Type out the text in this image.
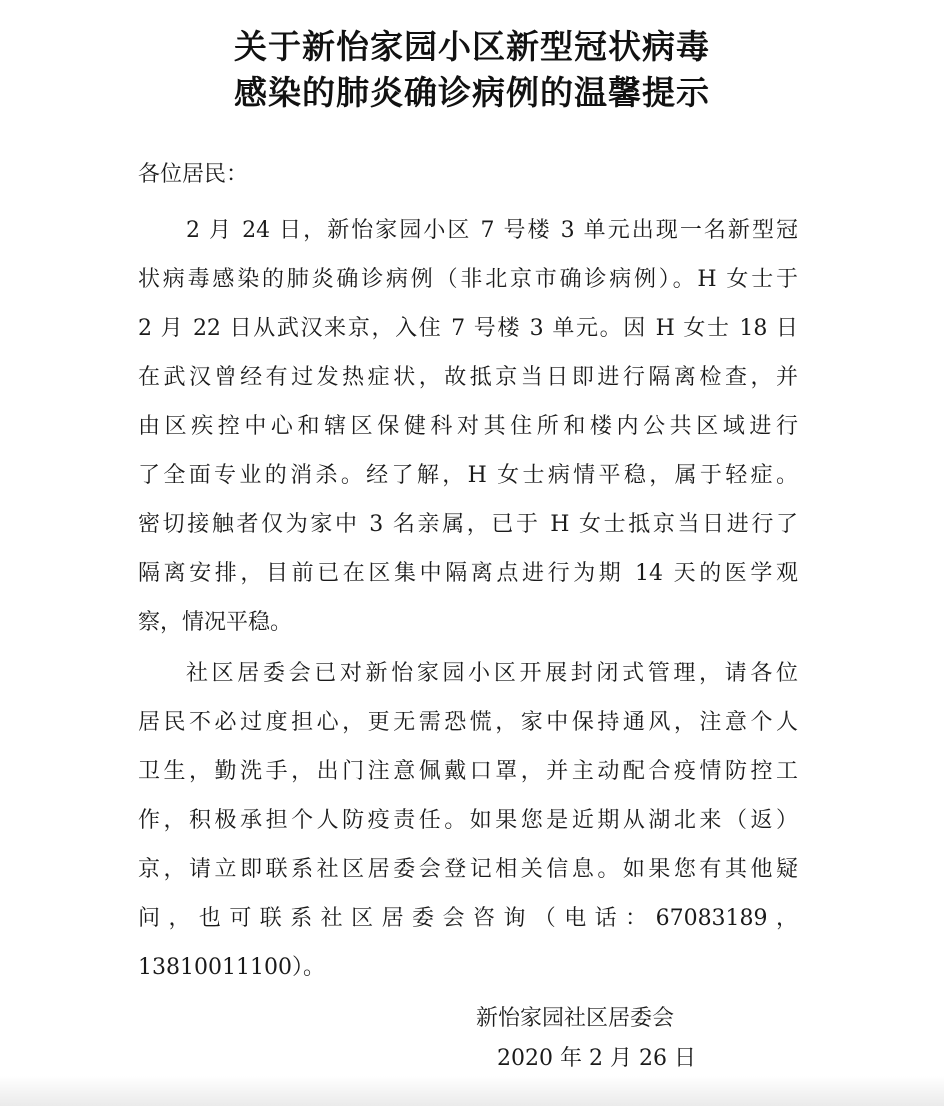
关于新怡家园小区新型冠状病毒
感染的肺炎确诊病例的温馨提示
各位居民：
2 月 24 日，新怡家园小区 7 号楼 3 单元出现一名新型冠
状病毒感染的肺炎确诊病例（非北京市确诊病例）。H 女士于
2 月 22 日从武汉来京，入住 7 号楼 3 单元。因 H 女士 18 日
在武汉曾经有过发热症状，故抵京当日即进行隔离检查，并
由区疾控中心和辖区保健科对其住所和楼内公共区域进行
了全面专业的消杀。经了解，H 女士病情平稳，属于轻症。
密切接触者仅为家中 3 名亲属，已于 H 女士抵京当日进行了
隔离安排，目前已在区集中隔离点进行为期 14 天的医学观
察，情况平稳。
社区居委会已对新怡家园小区开展封闭式管理，请各位
居民不必过度担心，更无需恐慌，家中保持通风，注意个人
卫生，勤洗手，出门注意佩戴口罩，并主动配合疫情防控工
作，积极承担个人防疫责任。如果您是近期从湖北来（返）
京，请立即联系社区居委会登记相关信息。如果您有其他疑
问，也可联系社区居委会咨询（电话：67083189，
13810011100）。
新怡家园社区居委会
2020 年 2 月 26 日
